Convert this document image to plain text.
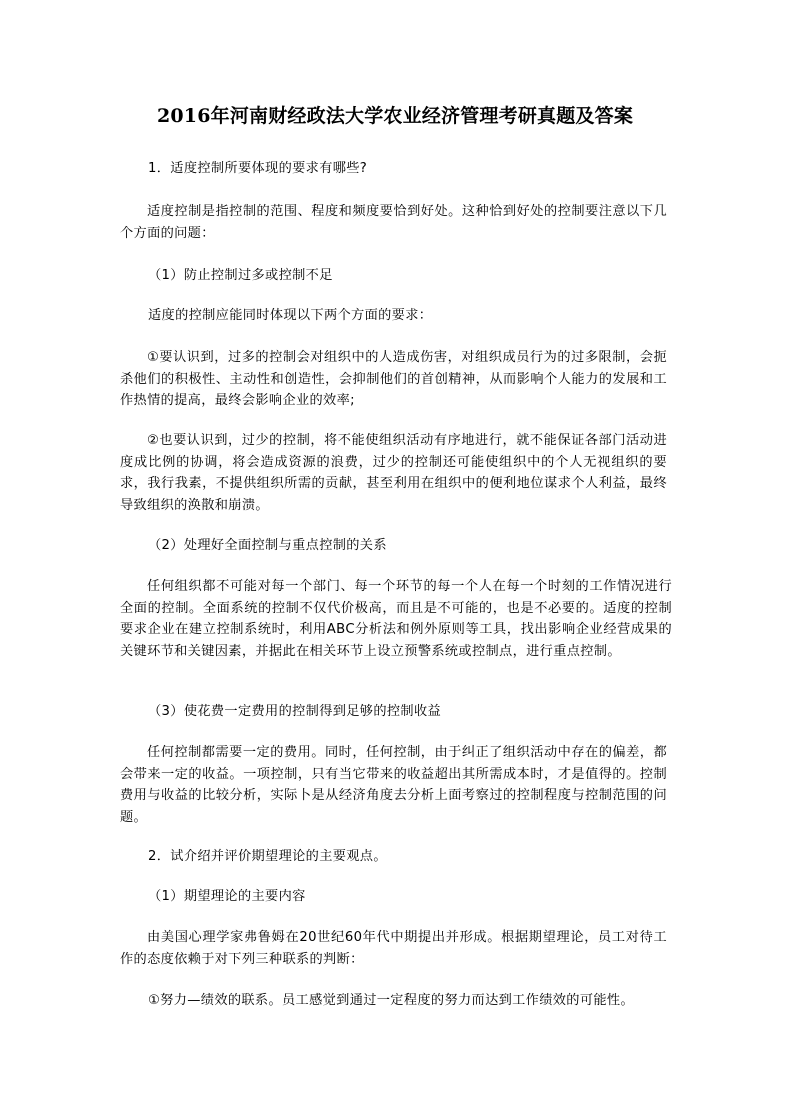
2016年河南财经政法大学农业经济管理考研真题及答案
1．适度控制所要体现的要求有哪些?

适度控制是指控制的范围、程度和频度要恰到好处。这种恰到好处的控制要注意以下几个方面的问题：

（1）防止控制过多或控制不足
适度的控制应能同时体现以下两个方面的要求：

①要认识到，过多的控制会对组织中的人造成伤害，对组织成员行为的过多限制，会扼杀他们的积极性、主动性和创造性，会抑制他们的首创精神，从而影响个人能力的发展和工作热情的提高，最终会影响企业的效率;

②也要认识到，过少的控制，将不能使组织活动有序地进行，就不能保证各部门活动进度成比例的协调，将会造成资源的浪费，过少的控制还可能使组织中的个人无视组织的要求，我行我素，不提供组织所需的贡献，甚至利用在组织中的便利地位谋求个人利益，最终导致组织的涣散和崩溃。

（2）处理好全面控制与重点控制的关系

任何组织都不可能对每一个部门、每一个环节的每一个人在每一个时刻的工作情况进行全面的控制。全面系统的控制不仅代价极高，而且是不可能的，也是不必要的。适度的控制要求企业在建立控制系统时，利用ABC分析法和例外原则等工具，找出影响企业经营成果的关键环节和关键因素，并据此在相关环节上设立预警系统或控制点，进行重点控制。

（3）使花费一定费用的控制得到足够的控制收益

任何控制都需要一定的费用。同时，任何控制，由于纠正了组织活动中存在的偏差，都会带来一定的收益。一项控制，只有当它带来的收益超出其所需成本时，才是值得的。控制费用与收益的比较分析，实际卜是从经济角度去分析上面考察过的控制程度与控制范围的问题。

2．试介绍并评价期望理论的主要观点。
（1）期望理论的主要内容

由美国心理学家弗鲁姆在20世纪60年代中期提出并形成。根据期望理论，员工对待工作的态度依赖于对下列三种联系的判断：

①努力—绩效的联系。员工感觉到通过一定程度的努力而达到工作绩效的可能性。
